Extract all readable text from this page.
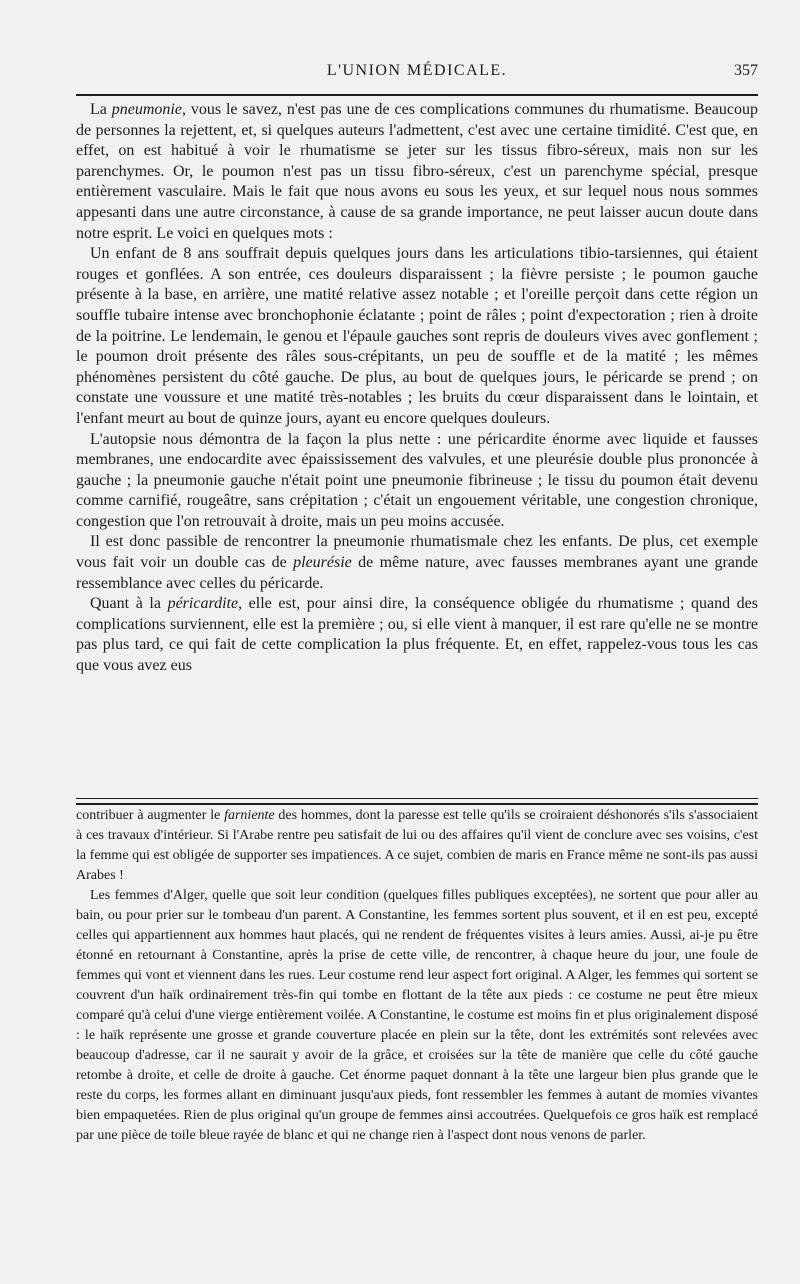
L'UNION MÉDICALE.	357

La pneumonie, vous le savez, n'est pas une de ces complications communes du rhumatisme. Beaucoup de personnes la rejettent, et, si quelques auteurs l'admettent, c'est avec une certaine timidité. C'est que, en effet, on est habitué à voir le rhumatisme se jeter sur les tissus fibro-séreux, mais non sur les parenchymes. Or, le poumon n'est pas un tissu fibro-séreux, c'est un parenchyme spécial, presque entièrement vasculaire. Mais le fait que nous avons eu sous les yeux, et sur lequel nous nous sommes appesanti dans une autre circonstance, à cause de sa grande importance, ne peut laisser aucun doute dans notre esprit. Le voici en quelques mots :

Un enfant de 8 ans souffrait depuis quelques jours dans les articulations tibio-tarsiennes, qui étaient rouges et gonflées. A son entrée, ces douleurs disparaissent ; la fièvre persiste ; le poumon gauche présente à la base, en arrière, une matité relative assez notable ; et l'oreille perçoit dans cette région un souffle tubaire intense avec bronchophonie éclatante ; point de râles ; point d'expectoration ; rien à droite de la poitrine. Le lendemain, le genou et l'épaule gauches sont repris de douleurs vives avec gonflement ; le poumon droit présente des râles sous-crépitants, un peu de souffle et de la matité ; les mêmes phénomènes persistent du côté gauche. De plus, au bout de quelques jours, le péricarde se prend ; on constate une voussure et une matité très-notables ; les bruits du cœur disparaissent dans le lointain, et l'enfant meurt au bout de quinze jours, ayant eu encore quelques douleurs.

L'autopsie nous démontra de la façon la plus nette : une péricardite énorme avec liquide et fausses membranes, une endocardite avec épaississement des valvules, et une pleurésie double plus prononcée à gauche ; la pneumonie gauche n'était point une pneumonie fibrineuse ; le tissu du poumon était devenu comme carnifié, rougeâtre, sans crépitation ; c'était un engouement véritable, une congestion chronique, congestion que l'on retrouvait à droite, mais un peu moins accusée.

Il est donc passible de rencontrer la pneumonie rhumatismale chez les enfants. De plus, cet exemple vous fait voir un double cas de pleurésie de même nature, avec fausses membranes ayant une grande ressemblance avec celles du péricarde.

Quant à la péricardite, elle est, pour ainsi dire, la conséquence obligée du rhumatisme ; quand des complications surviennent, elle est la première ; ou, si elle vient à manquer, il est rare qu'elle ne se montre pas plus tard, ce qui fait de cette complication la plus fréquente. Et, en effet, rappelez-vous tous les cas que vous avez eus

contribuer à augmenter le farniente des hommes, dont la paresse est telle qu'ils se croiraient déshonorés s'ils s'associaient à ces travaux d'intérieur. Si l'Arabe rentre peu satisfait de lui ou des affaires qu'il vient de conclure avec ses voisins, c'est la femme qui est obligée de supporter ses impatiences. A ce sujet, combien de maris en France même ne sont-ils pas aussi Arabes !

Les femmes d'Alger, quelle que soit leur condition (quelques filles publiques exceptées), ne sortent que pour aller au bain, ou pour prier sur le tombeau d'un parent. A Constantine, les femmes sortent plus souvent, et il en est peu, excepté celles qui appartiennent aux hommes haut placés, qui ne rendent de fréquentes visites à leurs amies. Aussi, ai-je pu être étonné en retournant à Constantine, après la prise de cette ville, de rencontrer, à chaque heure du jour, une foule de femmes qui vont et viennent dans les rues. Leur costume rend leur aspect fort original. A Alger, les femmes qui sortent se couvrent d'un haïk ordinairement très-fin qui tombe en flottant de la tête aux pieds : ce costume ne peut être mieux comparé qu'à celui d'une vierge entièrement voilée. A Constantine, le costume est moins fin et plus originalement disposé : le haïk représente une grosse et grande couverture placée en plein sur la tête, dont les extrémités sont relevées avec beaucoup d'adresse, car il ne saurait y avoir de la grâce, et croisées sur la tête de manière que celle du côté gauche retombe à droite, et celle de droite à gauche. Cet énorme paquet donnant à la tête une largeur bien plus grande que le reste du corps, les formes allant en diminuant jusqu'aux pieds, font ressembler les femmes à autant de momies vivantes bien empaquetées. Rien de plus original qu'un groupe de femmes ainsi accoutrées. Quelquefois ce gros haïk est remplacé par une pièce de toile bleue rayée de blanc et qui ne change rien à l'aspect dont nous venons de parler.
